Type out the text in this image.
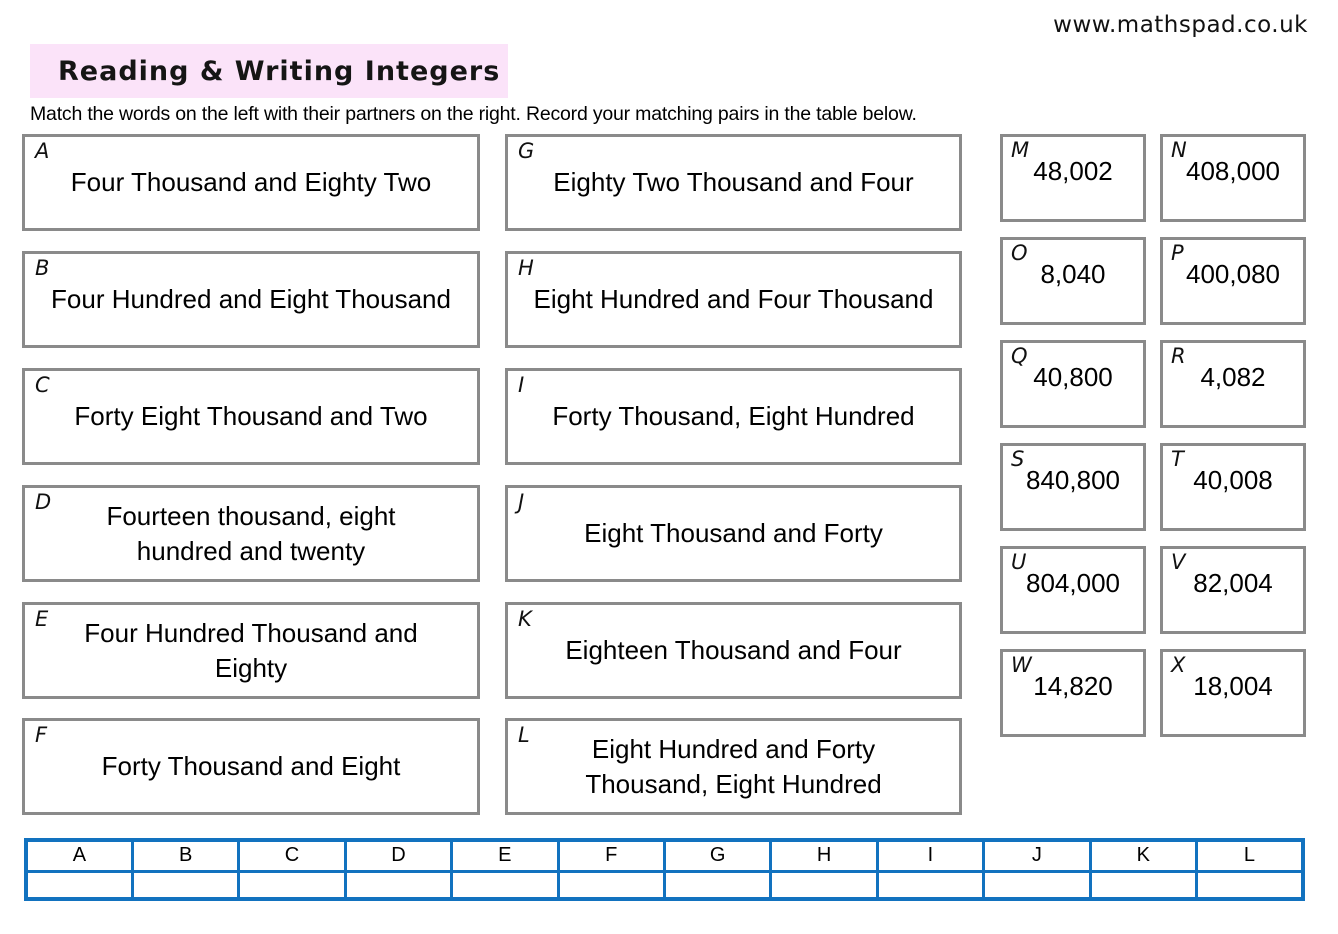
www.mathspad.co.uk
Reading & Writing Integers
Match the words on the left with their partners on the right. Record your matching pairs in the table below.
A
Four Thousand and Eighty Two
B
Four Hundred and Eight Thousand
C
Forty Eight Thousand and Two
D	Fourteen thousand, eight hundred and twenty
E	Four Hundred Thousand and Eighty
F
Forty Thousand and Eight
G
Eighty Two Thousand and Four
H
Eight Hundred and Four Thousand
I
Forty Thousand, Eight Hundred
J
Eight Thousand and Forty
K
Eighteen Thousand and Four
L	Eight Hundred and Forty Thousand, Eight Hundred
M
48,002
N
408,000
O
8,040
P
400,080
Q
40,800
R
4,082
S
840,800
T
40,008
U
804,000
V
82,004
W
14,820
X
18,004
A	B	C	D	E	F	G	H	I	J	K	L
